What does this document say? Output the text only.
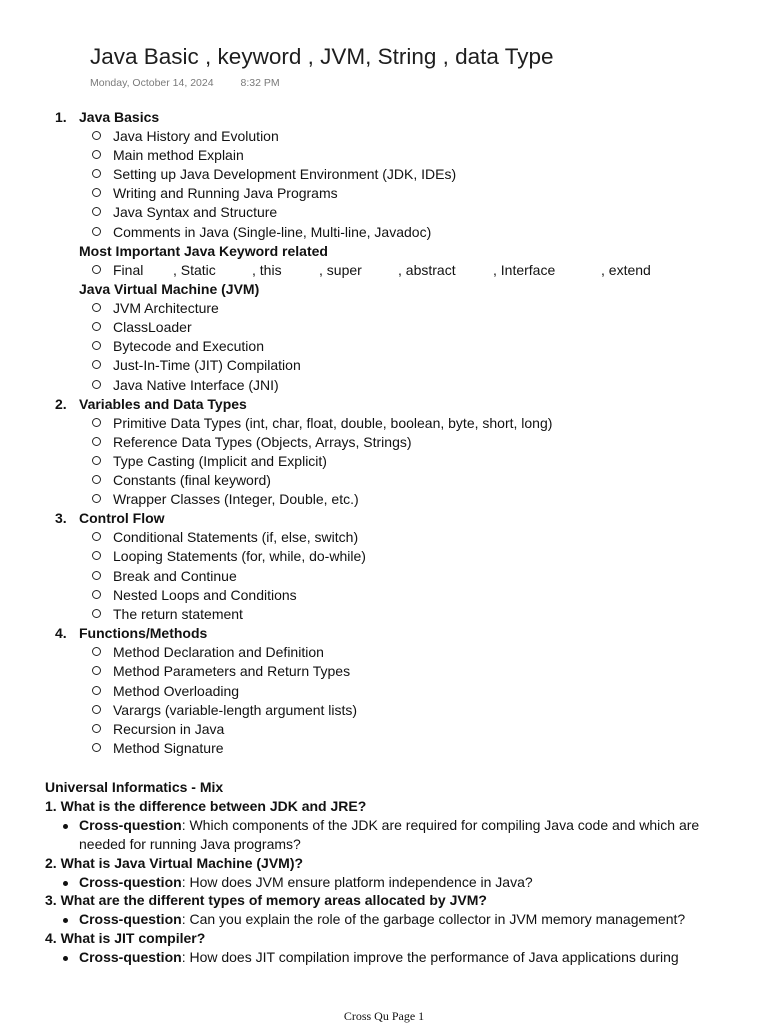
Java Basic , keyword , JVM, String , data Type
Monday, October 14, 2024	8:32 PM
1. Java Basics
Java History and Evolution
Main method Explain
Setting up Java Development Environment (JDK, IDEs)
Writing and Running Java Programs
Java Syntax and Structure
Comments in Java (Single-line, Multi-line, Javadoc)
Most Important Java Keyword related
Final , Static	, this	, super	, abstract	, Interface	, extend
Java Virtual Machine (JVM)
JVM Architecture
ClassLoader
Bytecode and Execution
Just-In-Time (JIT) Compilation
Java Native Interface (JNI)
2. Variables and Data Types
Primitive Data Types (int, char, float, double, boolean, byte, short, long)
Reference Data Types (Objects, Arrays, Strings)
Type Casting (Implicit and Explicit)
Constants (final keyword)
Wrapper Classes (Integer, Double, etc.)
3. Control Flow
Conditional Statements (if, else, switch)
Looping Statements (for, while, do-while)
Break and Continue
Nested Loops and Conditions
The return statement
4. Functions/Methods
Method Declaration and Definition
Method Parameters and Return Types
Method Overloading
Varargs (variable-length argument lists)
Recursion in Java
Method Signature
Universal Informatics - Mix
1. What is the difference between JDK and JRE?
Cross-question: Which components of the JDK are required for compiling Java code and which are needed for running Java programs?
2. What is Java Virtual Machine (JVM)?
Cross-question: How does JVM ensure platform independence in Java?
3. What are the different types of memory areas allocated by JVM?
Cross-question: Can you explain the role of the garbage collector in JVM memory management?
4. What is JIT compiler?
Cross-question: How does JIT compilation improve the performance of Java applications during
Cross Qu Page 1
